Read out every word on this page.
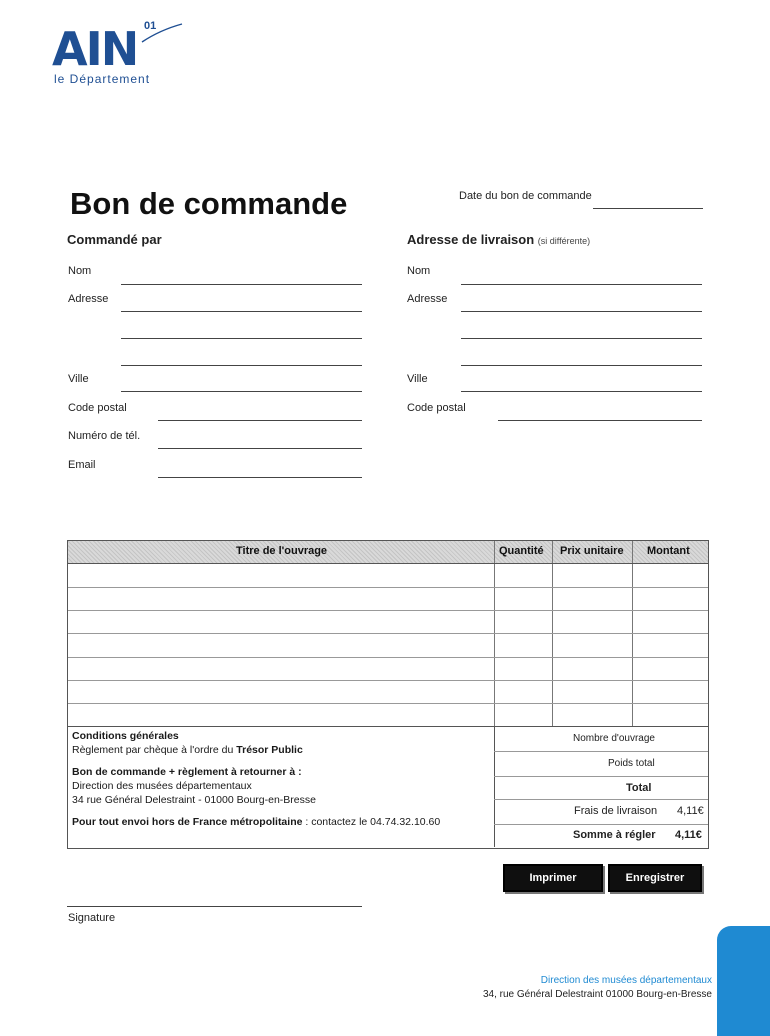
AIN 01
le Département
Bon de commande	Date du bon de commande
Commandé par
Nom
Adresse
Ville
Code postal
Numéro de tél.
Email
Adresse de livraison (si différente)
Nom
Adresse
Ville
Code postal
Titre de l'ouvrage	Quantité Prix unitaire Montant
Conditions générales
Règlement par chèque à l'ordre du Trésor Public
Bon de commande + règlement à retourner à :
Direction des musées départementaux
34 rue Général Delestraint - 01000 Bourg-en-Bresse
Pour tout envoi hors de France métropolitaine : contactez le 04.74.32.10.60
Nombre d'ouvrage
Poids total
Total
Frais de livraison 4,11€
Somme à régler 4,11€
Imprimer	Enregistrer
Signature
Direction des musées départementaux
34, rue Général Delestraint 01000 Bourg-en-Bresse
